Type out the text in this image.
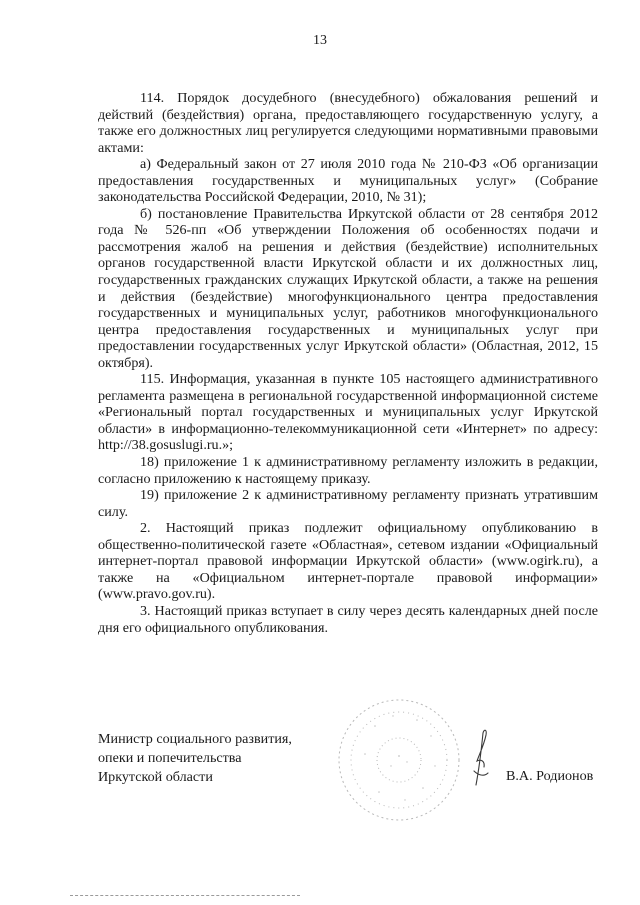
13

114. Порядок досудебного (внесудебного) обжалования решений и действий (бездействия) органа, предоставляющего государственную услугу, а также его должностных лиц регулируется следующими нормативными правовыми актами:

а) Федеральный закон от 27 июля 2010 года № 210-ФЗ «Об организации предоставления государственных и муниципальных услуг» (Собрание законодательства Российской Федерации, 2010, № 31);

б) постановление Правительства Иркутской области от 28 сентября 2012 года № 526-пп «Об утверждении Положения об особенностях подачи и рассмотрения жалоб на решения и действия (бездействие) исполнительных органов государственной власти Иркутской области и их должностных лиц, государственных гражданских служащих Иркутской области, а также на решения и действия (бездействие) многофункционального центра предоставления государственных и муниципальных услуг, работников многофункционального центра предоставления государственных и муниципальных услуг при предоставлении государственных услуг Иркутской области» (Областная, 2012, 15 октября).

115. Информация, указанная в пункте 105 настоящего административного регламента размещена в региональной государственной информационной системе «Региональный портал государственных и муниципальных услуг Иркутской области» в информационно-телекоммуникационной сети «Интернет» по адресу: http://38.gosuslugi.ru.»;

18) приложение 1 к административному регламенту изложить в редакции, согласно приложению к настоящему приказу.

19) приложение 2 к административному регламенту признать утратившим силу.

2. Настоящий приказ подлежит официальному опубликованию в общественно-политической газете «Областная», сетевом издании «Официальный интернет-портал правовой информации Иркутской области» (www.ogirk.ru), а также на «Официальном интернет-портале правовой информации» (www.pravo.gov.ru).

3. Настоящий приказ вступает в силу через десять календарных дней после дня его официального опубликования.

Министр социального развития,
опеки и попечительства
Иркутской области	В.А. Родионов
